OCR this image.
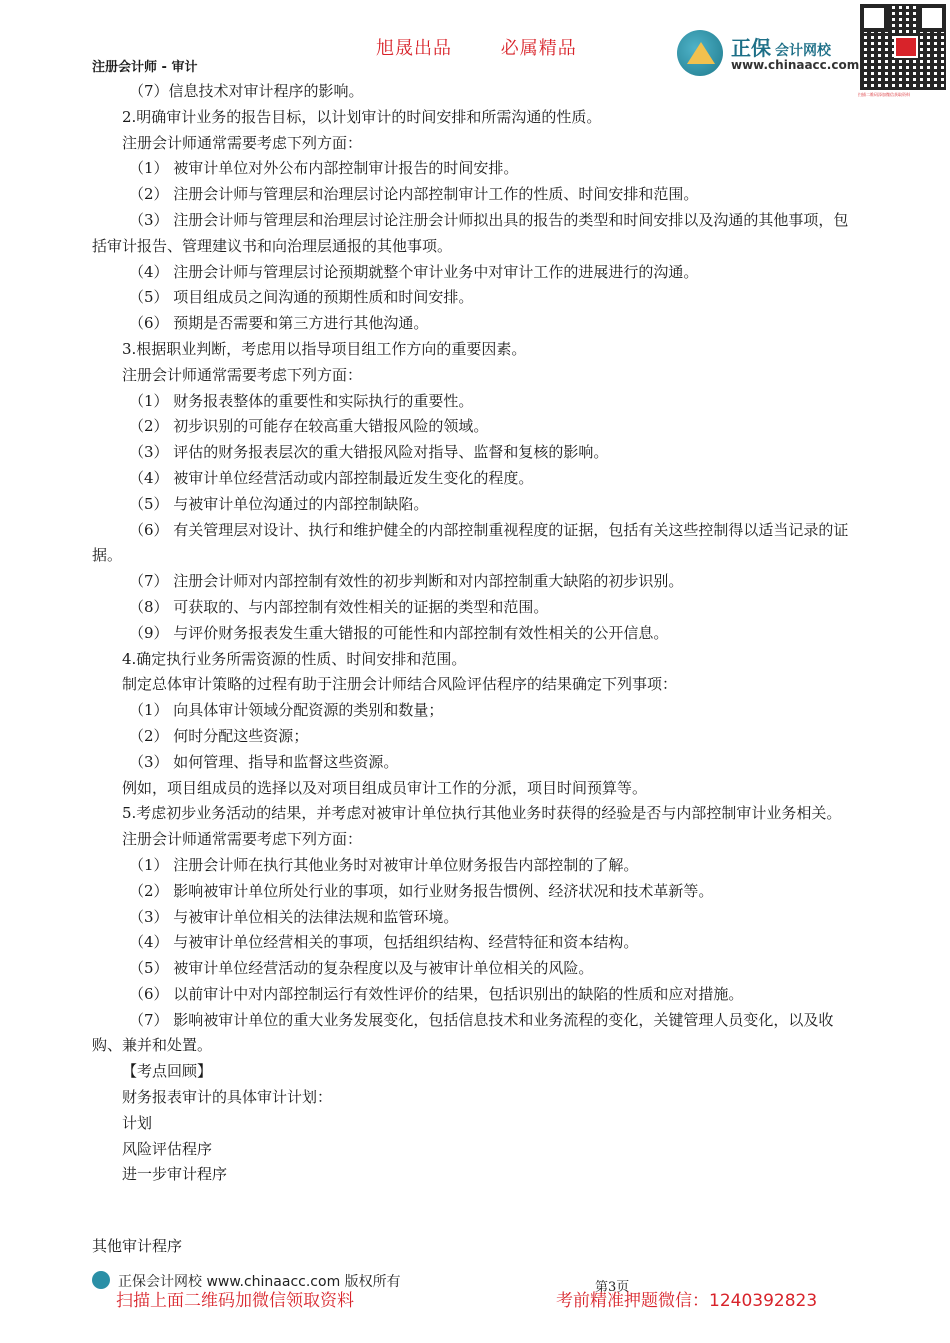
旭晟出品	必属精品
注册会计师 - 审计
正保 会计网校
www.chinaacc.com
扫描二维码添加微信获取资料

（7）信息技术对审计程序的影响。

2.明确审计业务的报告目标，以计划审计的时间安排和所需沟通的性质。

注册会计师通常需要考虑下列方面：

（1） 被审计单位对外公布内部控制审计报告的时间安排。

（2） 注册会计师与管理层和治理层讨论内部控制审计工作的性质、时间安排和范围。

（3） 注册会计师与管理层和治理层讨论注册会计师拟出具的报告的类型和时间安排以及沟通的其他事项，包括审计报告、管理建议书和向治理层通报的其他事项。

（4） 注册会计师与管理层讨论预期就整个审计业务中对审计工作的进展进行的沟通。

（5） 项目组成员之间沟通的预期性质和时间安排。

（6） 预期是否需要和第三方进行其他沟通。

3.根据职业判断，考虑用以指导项目组工作方向的重要因素。

注册会计师通常需要考虑下列方面：

（1） 财务报表整体的重要性和实际执行的重要性。

（2） 初步识别的可能存在较高重大错报风险的领域。

（3） 评估的财务报表层次的重大错报风险对指导、监督和复核的影响。

（4） 被审计单位经营活动或内部控制最近发生变化的程度。

（5） 与被审计单位沟通过的内部控制缺陷。

（6） 有关管理层对设计、执行和维护健全的内部控制重视程度的证据，包括有关这些控制得以适当记录的证据。

（7） 注册会计师对内部控制有效性的初步判断和对内部控制重大缺陷的初步识别。

（8） 可获取的、与内部控制有效性相关的证据的类型和范围。

（9） 与评价财务报表发生重大错报的可能性和内部控制有效性相关的公开信息。

4.确定执行业务所需资源的性质、时间安排和范围。

制定总体审计策略的过程有助于注册会计师结合风险评估程序的结果确定下列事项：

（1） 向具体审计领域分配资源的类别和数量；

（2） 何时分配这些资源；

（3） 如何管理、指导和监督这些资源。

例如，项目组成员的选择以及对项目组成员审计工作的分派，项目时间预算等。

5.考虑初步业务活动的结果，并考虑对被审计单位执行其他业务时获得的经验是否与内部控制审计业务相关。

注册会计师通常需要考虑下列方面：

（1） 注册会计师在执行其他业务时对被审计单位财务报告内部控制的了解。

（2） 影响被审计单位所处行业的事项，如行业财务报告惯例、经济状况和技术革新等。

（3） 与被审计单位相关的法律法规和监管环境。

（4） 与被审计单位经营相关的事项，包括组织结构、经营特征和资本结构。

（5） 被审计单位经营活动的复杂程度以及与被审计单位相关的风险。

（6） 以前审计中对内部控制运行有效性评价的结果，包括识别出的缺陷的性质和应对措施。

（7） 影响被审计单位的重大业务发展变化，包括信息技术和业务流程的变化，关键管理人员变化，以及收购、兼并和处置。

【考点回顾】

财务报表审计的具体审计计划：

计划

风险评估程序

进一步审计程序

其他审计程序

正保会计网校 www.chinaacc.com 版权所有	第3页
扫描上面二维码加微信领取资料	考前精准押题微信：1240392823
